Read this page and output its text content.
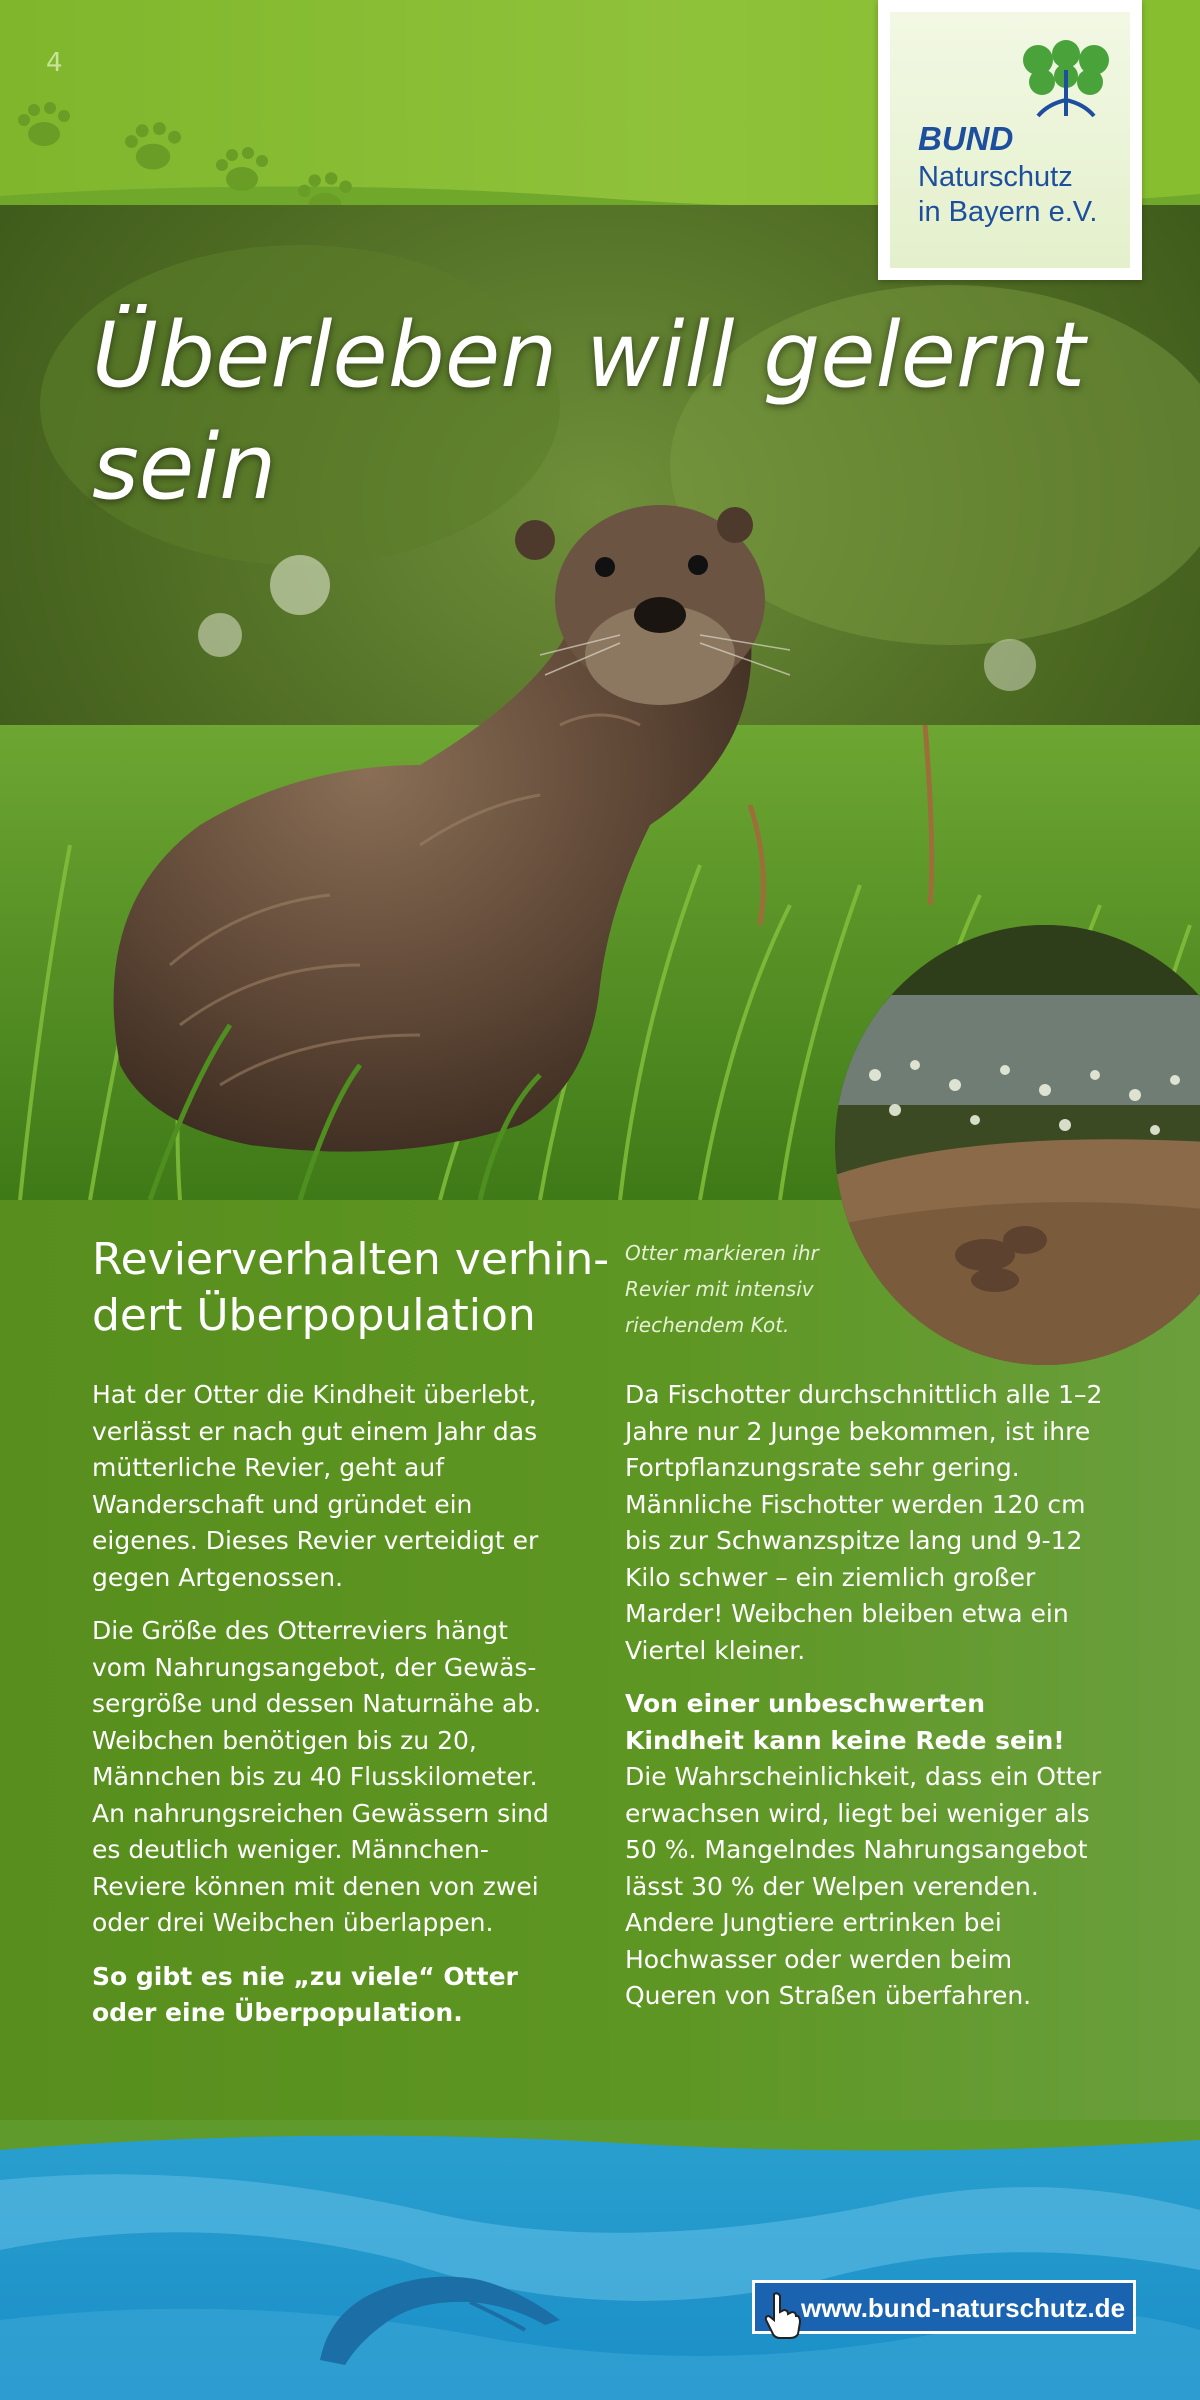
4
Überleben will gelernt
sein
BUND
Naturschutz
in Bayern e.V.
Revierverhalten verhin-
dert Überpopulation

Otter markieren ihr Revier mit intensiv riechendem Kot.

Hat der Otter die Kindheit überlebt, verlässt er nach gut einem Jahr das mütterliche Revier, geht auf Wanderschaft und gründet ein eigenes. Dieses Revier verteidigt er gegen Artgenossen.

Die Größe des Otterreviers hängt vom Nahrungsangebot, der Gewässergröße und dessen Naturnähe ab. Weibchen benötigen bis zu 20, Männchen bis zu 40 Flusskilometer. An nahrungsreichen Gewässern sind es deutlich weniger. Männchen-Reviere können mit denen von zwei oder drei Weibchen überlappen.

So gibt es nie „zu viele“ Otter oder eine Überpopulation.

Da Fischotter durchschnittlich alle 1–2 Jahre nur 2 Junge bekommen, ist ihre Fortpflanzungsrate sehr gering. Männliche Fischotter werden 120 cm bis zur Schwanzspitze lang und 9-12 Kilo schwer – ein ziemlich großer Marder! Weibchen bleiben etwa ein Viertel kleiner.

Von einer unbeschwerten Kindheit kann keine Rede sein! Die Wahrscheinlichkeit, dass ein Otter erwachsen wird, liegt bei weniger als 50 %. Mangelndes Nahrungsangebot lässt 30 % der Welpen verenden. Andere Jungtiere ertrinken bei Hochwasser oder werden beim Queren von Straßen überfahren.

www.bund-naturschutz.de
